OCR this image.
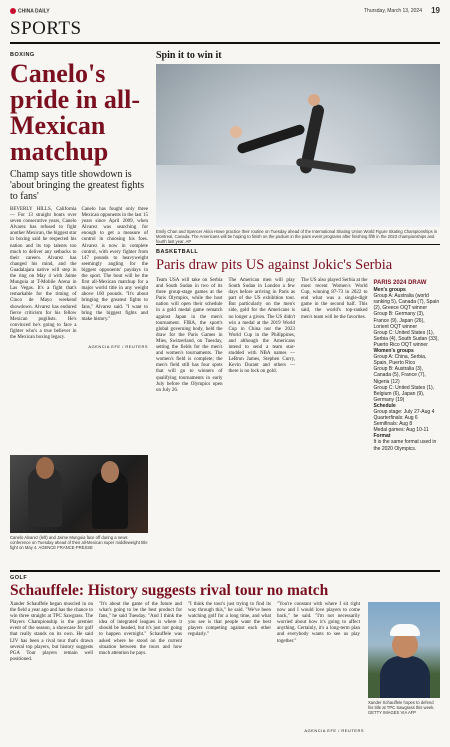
CHINA DAILY	Thursday, March 13, 2024 19
SPORTS
BOXING
Canelo's pride in all-Mexican matchup
Champ says title showdown is 'about bringing the greatest fights to fans'
BEVERLY HILLS, California — For 13 straight bouts over seven consecutive years, Canelo Alvarez has refused to fight another Mexican, the biggest star in boxing said he respected his nation and its top talents too much to deliver any setbacks to their careers. Alvarez has changed his mind, and the Guadalajara native will step in the ring on May 4 with Jaime Munguia at T-Mobile Arena in Las Vegas. It's a fight that's remarkable for the timing of Cinco de Mayo weekend showdown. Alvarez has endured fierce criticism for his fellow Mexican pugilists. He's convinced he's going to face a fighter who's a true believer in the Mexican boxing legacy.
Canelo has fought only three Mexican opponents in the last 15 years since April 2009, when Alvarez was searching for enough to get a measure of control in choosing his foes. Alvarez is now in complete control, with every fighter from 147 pounds to heavyweight seemingly angling for the biggest opponents' paydays in the sport. The bout will be the first all-Mexican matchup for a major world title in any weight above 160 pounds. "It's about bringing the greatest fights to fans," Alvarez said. "I want to bring the biggest fights and make history."
AGENCIA EFE / REUTERS
Canelo Alvarez (left) and Jaime Munguia face off during a news conference on Tuesday ahead of their all-Mexican super middleweight title fight on May 4. AGENCE FRANCE-PRESSE
Spin it to win it
Emily Chan and Spencer Akira Howe practice their routine on Tuesday ahead of the International Skating Union World Figure Skating Championships in Montreal, Canada. The Americans will be hoping to finish on the podium in the pairs event programs after finishing fifth in the 2023 championships and fourth last year. AP
BASKETBALL
Paris draw pits US against Jokic's Serbia
Team USA will take on Serbia and South Sudan in two of its three group-stage games at the Paris Olympics, while the host nation will open their schedule in a gold medal game rematch against Japan in the men's tournament. FIBA, the sport's global governing body, held the draw for the Paris Games in Mies, Switzerland, on Tuesday, setting the fields for the men's and women's tournaments. The women's field is complete; the men's field still has four spots that will go to winners of qualifying tournaments in early July before the Olympics open on July 26.
The American men will play South Sudan in London a few days before arriving in Paris as part of the US exhibition tour. But particularly on the men's side, gold for the Americans is no longer a given. The US didn't win a medal at the 2019 World Cup in China nor the 2023 World Cup in the Philippines, and although the Americans intend to send a team star-studded with NBA names — LeBron James, Stephen Curry, Kevin Durant and others — there is no lock on gold.
The US also played Serbia at the most recent Women's World Cup, winning 87-73 in 2022 to end what was a single-digit game in the second half. This said, the world's top-ranked men's team will be the favorites.
PARIS 2024 DRAW
Men's groups
Group A: Australia (world ranking 5), Canada (7), Spain (2), Greece OQT winner
Group B: Germany (3), France (9), Japan (26), Lorient OQT winner
Group C: United States (1), Serbia (4), South Sudan (33), Puerto Rico OQT winner
Women's groups
Group A: China, Serbia, Spain, Puerto Rico
Group B: Australia (3), Canada (5), France (7), Nigeria (12)
Group C: United States (1), Belgium (6), Japan (9), Germany (19)
Schedule
Group stage: July 27-Aug 4
Quarterfinals: Aug 6
Semifinals: Aug 8
Medal games: Aug 10-11
Format
It is the same format used in the 2020 Olympics.
GOLF
Schauffele: History suggests rival tour no match
Xander Schauffele began muscled in on the field a year ago and has the chance to win three straight at TPC Sawgrass. The Players Championship is the premier event of the season, a showcase for golf that really stands on its own. He said LIV has been a rival tour that's drawn several top players, but history suggests PGA Tour players remain well positioned.
"It's about the game of the future and what's going to be the best product for fans," he said Tuesday. "And I think the idea of integrated leagues is where it should be headed, but it's just not going to happen overnight." Schauffele was asked where he stood on the current situation between the tours and how much attention he pays.
"I think the tour's just trying to find its way through this," he said. "We've been watching golf for a long time, and what you see is that people want the best players competing against each other regularly."
"You're constant with where I sit right now and I would love players to come back," he said. "I'm not necessarily worried about how it's going to affect anything. Certainly, it's a long-term plan and everybody wants to see us play together."
AGENCIA EFE / REUTERS
Xander Schauffele hopes to defend his title at TPC Sawgrass this week. GETTY IMAGES VIA AFP
